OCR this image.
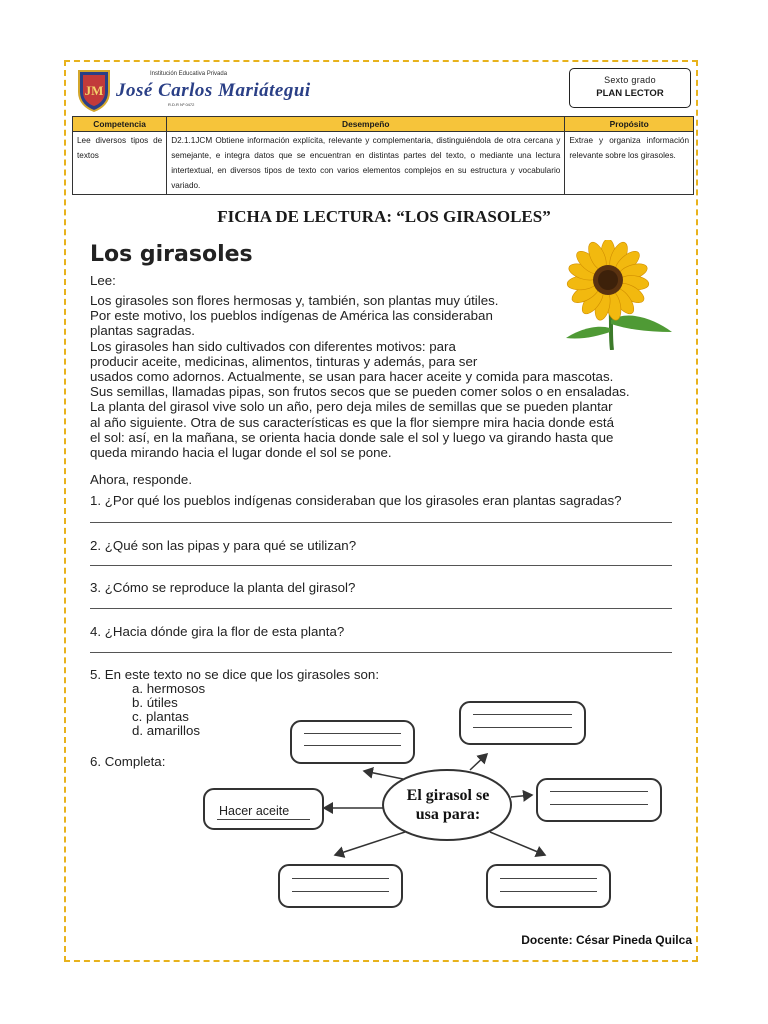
JM
Institución Educativa Privada
José Carlos Mariátegui
R.D.R Nº 0472
Sexto grado
PLAN LECTOR
Competencia	Desempeño	Propósito
Lee diversos tipos de textos	D2.1.1JCM Obtiene información explícita, relevante y complementaria, distinguiéndola de otra cercana y semejante, e integra datos que se encuentran en distintas partes del texto, o mediante una lectura intertextual, en diversos tipos de texto con varios elementos complejos en su estructura y vocabulario variado.	Extrae y organiza información relevante sobre los girasoles.
FICHA DE LECTURA: “LOS GIRASOLES”
Los girasoles
Lee:
Los girasoles son flores hermosas y, también, son plantas muy útiles.
Por este motivo, los pueblos indígenas de América las consideraban
plantas sagradas.
Los girasoles han sido cultivados con diferentes motivos: para
producir aceite, medicinas, alimentos, tinturas y además, para ser
usados como adornos. Actualmente, se usan para hacer aceite y comida para mascotas.
Sus semillas, llamadas pipas, son frutos secos que se pueden comer solos o en ensaladas.
La planta del girasol vive solo un año, pero deja miles de semillas que se pueden plantar
al año siguiente. Otra de sus características es que la flor siempre mira hacia donde está
el sol: así, en la mañana, se orienta hacia donde sale el sol y luego va girando hasta que
queda mirando hacia el lugar donde el sol se pone.
Ahora, responde.
1. ¿Por qué los pueblos indígenas consideraban que los girasoles eran plantas sagradas?
2. ¿Qué son las pipas y para qué se utilizan?
3. ¿Cómo se reproduce la planta del girasol?
4. ¿Hacia dónde gira la flor de esta planta?
5. En este texto no se dice que los girasoles son:
a. hermosos
b. útiles
c. plantas
d. amarillos
6. Completa:
El girasol se
usa para:
Hacer aceite
Docente: César Pineda Quilca
